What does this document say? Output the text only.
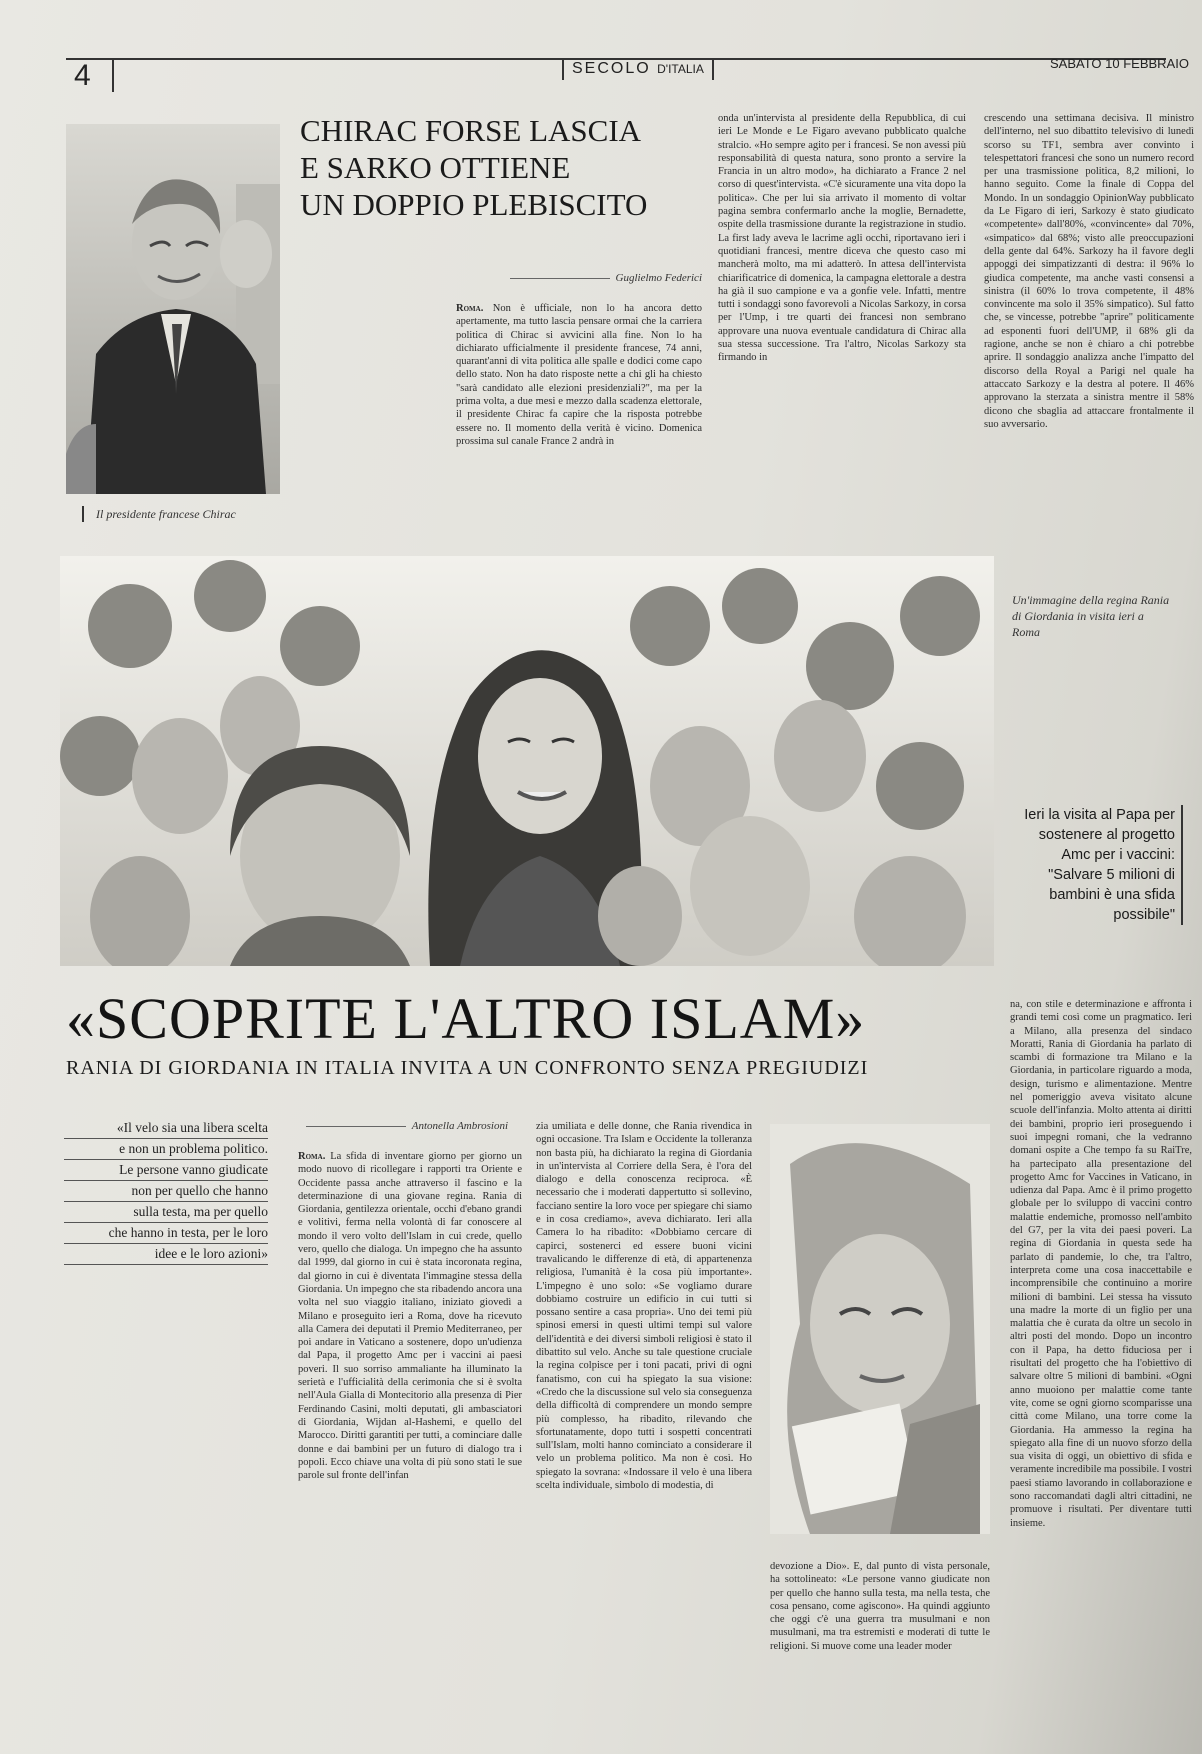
4	SECOLO D'ITALIA	SABATO 10 FEBBRAIO
Il presidente francese Chirac
CHIRAC FORSE LASCIA
E SARKO OTTIENE
UN DOPPIO PLEBISCITO
Guglielmo Federici
Roma. Non è ufficiale, non lo ha ancora detto apertamente, ma tutto lascia pensare ormai che la carriera politica di Chirac si avvicini alla fine. Non lo ha dichiarato ufficialmente il presidente francese, 74 anni, quarant'anni di vita politica alle spalle e dodici come capo dello stato. Non ha dato risposte nette a chi gli ha chiesto "sarà candidato alle elezioni presidenziali?", ma per la prima volta, a due mesi e mezzo dalla scadenza elettorale, il presidente Chirac fa capire che la risposta potrebbe essere no. Il momento della verità è vicino. Domenica prossima sul canale France 2 andrà in
onda un'intervista al presidente della Repubblica, di cui ieri Le Monde e Le Figaro avevano pubblicato qualche stralcio. «Ho sempre agito per i francesi. Se non avessi più responsabilità di questa natura, sono pronto a servire la Francia in un altro modo», ha dichiarato a France 2 nel corso di quest'intervista. «C'è sicuramente una vita dopo la politica». Che per lui sia arrivato il momento di voltar pagina sembra confermarlo anche la moglie, Bernadette, ospite della trasmissione durante la registrazione in studio. La first lady aveva le lacrime agli occhi, riportavano ieri i quotidiani francesi, mentre diceva che questo caso mi mancherà molto, ma mi adatterò. In attesa dell'intervista chiarificatrice di domenica, la campagna elettorale a destra ha già il suo campione e va a gonfie vele. Infatti, mentre tutti i sondaggi sono favorevoli a Nicolas Sarkozy, in corsa per l'Ump, i tre quarti dei francesi non sembrano approvare una nuova eventuale candidatura di Chirac alla sua stessa successione. Tra l'altro, Nicolas Sarkozy sta firmando in
crescendo una settimana decisiva. Il ministro dell'interno, nel suo dibattito televisivo di lunedì scorso su TF1, sembra aver convinto i telespettatori francesi che sono un numero record per una trasmissione politica, 8,2 milioni, lo hanno seguito. Come la finale di Coppa del Mondo. In un sondaggio OpinionWay pubblicato da Le Figaro di ieri, Sarkozy è stato giudicato «competente» dall'80%, «convincente» dal 70%, «simpatico» dal 68%; visto alle preoccupazioni della gente dal 64%. Sarkozy ha il favore degli appoggi dei simpatizzanti di destra: il 96% lo giudica competente, ma anche vasti consensi a sinistra (il 60% lo trova competente, il 48% convincente ma solo il 35% simpatico). Sul fatto che, se vincesse, potrebbe "aprire" politicamente ad esponenti fuori dell'UMP, il 68% gli da ragione, anche se non è chiaro a chi potrebbe aprire. Il sondaggio analizza anche l'impatto del discorso della Royal a Parigi nel quale ha attaccato Sarkozy e la destra al potere. Il 46% approvano la sterzata a sinistra mentre il 58% dicono che sbaglia ad attaccare frontalmente il suo avversario.
Un'immagine della regina Rania di Giordania in visita ieri a Roma
Ieri la visita al Papa per sostenere al progetto Amc per i vaccini: "Salvare 5 milioni di bambini è una sfida possibile"
«SCOPRITE L'ALTRO ISLAM»
RANIA DI GIORDANIA IN ITALIA INVITA A UN CONFRONTO SENZA PREGIUDIZI
«Il velo sia una libera scelta
e non un problema politico.
Le persone vanno giudicate
non per quello che hanno
sulla testa, ma per quello
che hanno in testa, per le loro
idee e le loro azioni»
Antonella Ambrosioni
Roma. La sfida di inventare giorno per giorno un modo nuovo di ricollegare i rapporti tra Oriente e Occidente passa anche attraverso il fascino e la determinazione di una giovane regina. Rania di Giordania, gentilezza orientale, occhi d'ebano grandi e volitivi, ferma nella volontà di far conoscere al mondo il vero volto dell'Islam in cui crede, quello vero, quello che dialoga. Un impegno che ha assunto dal 1999, dal giorno in cui è stata incoronata regina, dal giorno in cui è diventata l'immagine stessa della Giordania. Un impegno che sta ribadendo ancora una volta nel suo viaggio italiano, iniziato giovedì a Milano e proseguito ieri a Roma, dove ha ricevuto alla Camera dei deputati il Premio Mediterraneo, per poi andare in Vaticano a sostenere, dopo un'udienza dal Papa, il progetto Amc per i vaccini ai paesi poveri. Il suo sorriso ammaliante ha illuminato la serietà e l'ufficialità della cerimonia che si è svolta nell'Aula Gialla di Montecitorio alla presenza di Pier Ferdinando Casini, molti deputati, gli ambasciatori di Giordania, Wijdan al-Hashemi, e quello del Marocco. Diritti garantiti per tutti, a cominciare dalle donne e dai bambini per un futuro di dialogo tra i popoli. Ecco chiave una volta di più sono stati le sue parole sul fronte dell'infan
zia umiliata e delle donne, che Rania rivendica in ogni occasione. Tra Islam e Occidente la tolleranza non basta più, ha dichiarato la regina di Giordania in un'intervista al Corriere della Sera, è l'ora del dialogo e della conoscenza reciproca. «È necessario che i moderati dappertutto si sollevino, facciano sentire la loro voce per spiegare chi siamo e in cosa crediamo», aveva dichiarato. Ieri alla Camera lo ha ribadito: «Dobbiamo cercare di capirci, sostenerci ed essere buoni vicini travalicando le differenze di età, di appartenenza religiosa, l'umanità è la cosa più importante». L'impegno è uno solo: «Se vogliamo durare dobbiamo costruire un edificio in cui tutti si possano sentire a casa propria». Uno dei temi più spinosi emersi in questi ultimi tempi sul valore dell'identità e dei diversi simboli religiosi è stato il dibattito sul velo. Anche su tale questione cruciale la regina colpisce per i toni pacati, privi di ogni fanatismo, con cui ha spiegato la sua visione: «Credo che la discussione sul velo sia conseguenza della difficoltà di comprendere un mondo sempre più complesso, ha ribadito, rilevando che sfortunatamente, dopo tutti i sospetti concentrati sull'Islam, molti hanno cominciato a considerare il velo un problema politico. Ma non è così. Ho spiegato la sovrana: «Indossare il velo è una libera scelta individuale, simbolo di modestia, di
devozione a Dio». E, dal punto di vista personale, ha sottolineato: «Le persone vanno giudicate non per quello che hanno sulla testa, ma nella testa, che cosa pensano, come agiscono». Ha quindi aggiunto che oggi c'è una guerra tra musulmani e non musulmani, ma tra estremisti e moderati di tutte le religioni. Si muove come una leader moder
na, con stile e determinazione e affronta i grandi temi così come un pragmatico. Ieri a Milano, alla presenza del sindaco Moratti, Rania di Giordania ha parlato di scambi di formazione tra Milano e la Giordania, in particolare riguardo a moda, design, turismo e alimentazione. Mentre nel pomeriggio aveva visitato alcune scuole dell'infanzia. Molto attenta ai diritti dei bambini, proprio ieri proseguendo i suoi impegni romani, che la vedranno domani ospite a Che tempo fa su RaiTre, ha partecipato alla presentazione del progetto Amc for Vaccines in Vaticano, in udienza dal Papa. Amc è il primo progetto globale per lo sviluppo di vaccini contro malattie endemiche, promosso nell'ambito del G7, per la vita dei paesi poveri. La regina di Giordania in questa sede ha parlato di pandemie, lo che, tra l'altro, interpreta come una cosa inaccettabile e incomprensibile che continuino a morire milioni di bambini. Lei stessa ha vissuto una madre la morte di un figlio per una malattia che è curata da oltre un secolo in altri posti del mondo. Dopo un incontro con il Papa, ha detto fiduciosa per i risultati del progetto che ha l'obiettivo di salvare oltre 5 milioni di bambini. «Ogni anno muoiono per malattie come tante vite, come se ogni giorno scomparisse una città come Milano, una torre come la Giordania. Ha ammesso la regina ha spiegato alla fine di un nuovo sforzo della sua visita di oggi, un obiettivo di sfida e veramente incredibile ma possibile. I vostri paesi stiamo lavorando in collaborazione e sono raccomandati dagli altri cittadini, ne promuove i risultati. Per diventare tutti insieme.
